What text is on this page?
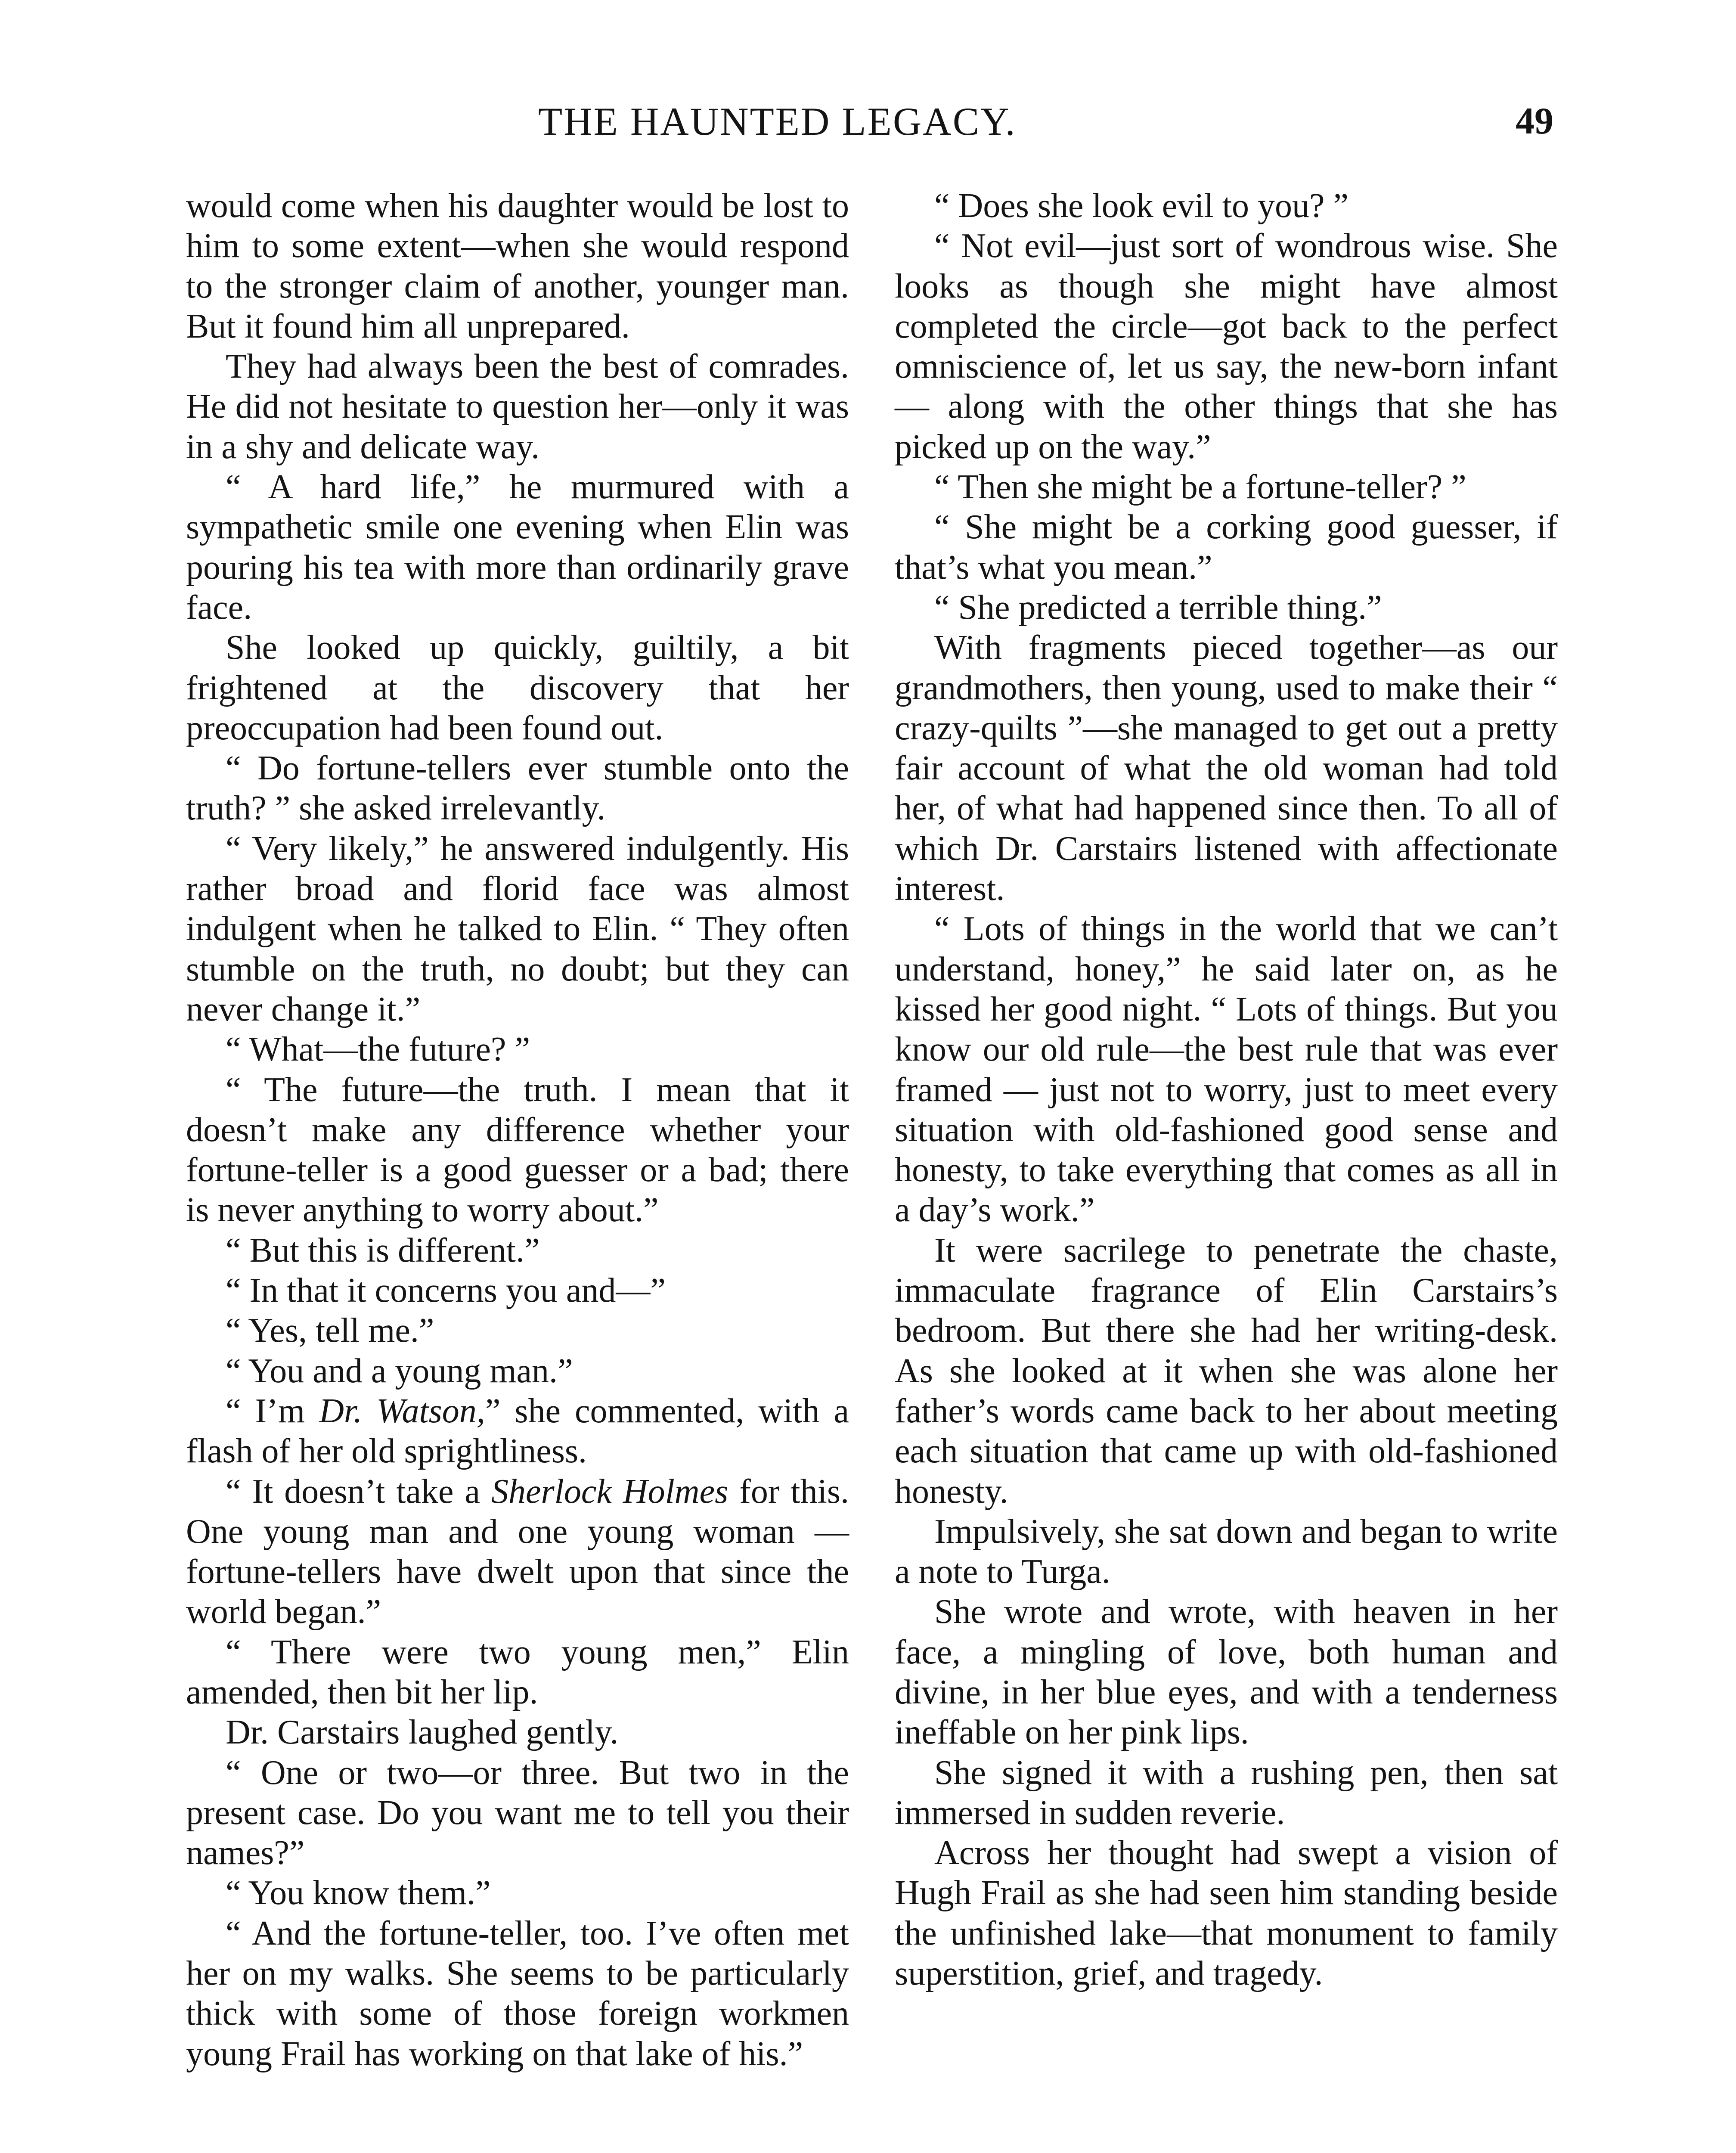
THE HAUNTED LEGACY.	49

would come when his daughter would be lost to him to some extent—when she would respond to the stronger claim of another, younger man. But it found him all unprepared.

They had always been the best of comrades. He did not hesitate to question her—only it was in a shy and delicate way.

“ A hard life,” he murmured with a sympathetic smile one evening when Elin was pouring his tea with more than ordinarily grave face.

She looked up quickly, guiltily, a bit frightened at the discovery that her preoccupation had been found out.

“ Do fortune-tellers ever stumble onto the truth? ” she asked irrelevantly.

“ Very likely,” he answered indulgently. His rather broad and florid face was almost indulgent when he talked to Elin. “ They often stumble on the truth, no doubt; but they can never change it.”

“ What—the future? ”

“ The future—the truth. I mean that it doesn’t make any difference whether your fortune-teller is a good guesser or a bad; there is never anything to worry about.”

“ But this is different.”

“ In that it concerns you and—”

“ Yes, tell me.”

“ You and a young man.”

“ I’m Dr. Watson,” she commented, with a flash of her old sprightliness.

“ It doesn’t take a Sherlock Holmes for this. One young man and one young woman — fortune-tellers have dwelt upon that since the world began.”

“ There were two young men,” Elin amended, then bit her lip.

Dr. Carstairs laughed gently.

“ One or two—or three. But two in the present case. Do you want me to tell you their names?”

“ You know them.”

“ And the fortune-teller, too. I’ve often met her on my walks. She seems to be particularly thick with some of those foreign workmen young Frail has working on that lake of his.”

“ Does she look evil to you? ”

“ Not evil—just sort of wondrous wise. She looks as though she might have almost completed the circle—got back to the perfect omniscience of, let us say, the new-born infant — along with the other things that she has picked up on the way.”

“ Then she might be a fortune-teller? ”

“ She might be a corking good guesser, if that’s what you mean.”

“ She predicted a terrible thing.”

With fragments pieced together—as our grandmothers, then young, used to make their “ crazy-quilts ”—she managed to get out a pretty fair account of what the old woman had told her, of what had happened since then. To all of which Dr. Carstairs listened with affectionate interest.

“ Lots of things in the world that we can’t understand, honey,” he said later on, as he kissed her good night. “ Lots of things. But you know our old rule—the best rule that was ever framed — just not to worry, just to meet every situation with old-fashioned good sense and honesty, to take everything that comes as all in a day’s work.”

It were sacrilege to penetrate the chaste, immaculate fragrance of Elin Carstairs’s bedroom. But there she had her writing-desk. As she looked at it when she was alone her father’s words came back to her about meeting each situation that came up with old-fashioned honesty.

Impulsively, she sat down and began to write a note to Turga.

She wrote and wrote, with heaven in her face, a mingling of love, both human and divine, in her blue eyes, and with a tenderness ineffable on her pink lips.

She signed it with a rushing pen, then sat immersed in sudden reverie.

Across her thought had swept a vision of Hugh Frail as she had seen him standing beside the unfinished lake—that monument to family superstition, grief, and tragedy.
